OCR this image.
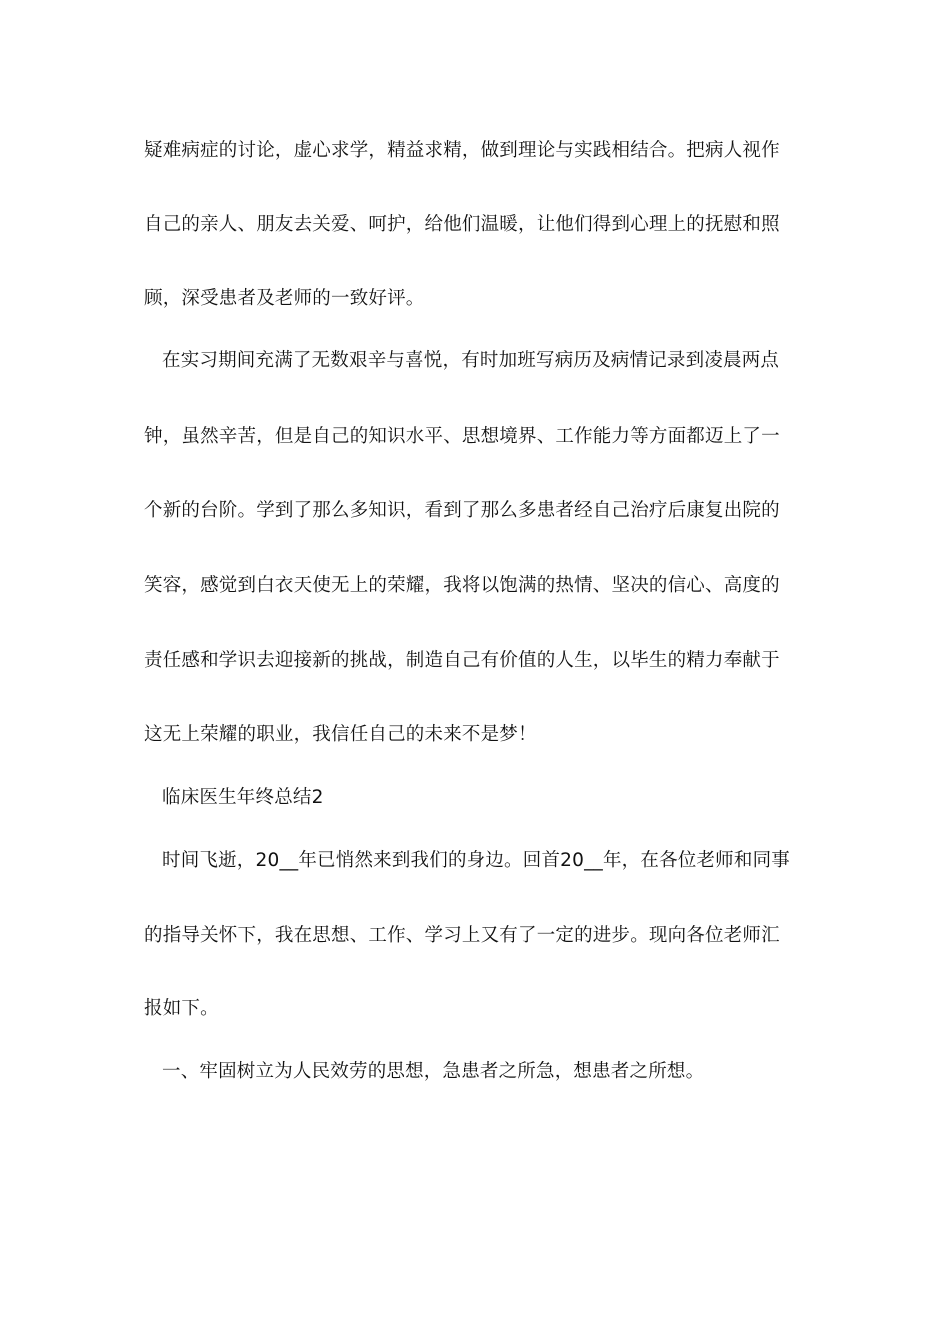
疑难病症的讨论，虚心求学，精益求精，做到理论与实践相结合。把病人视作
自己的亲人、朋友去关爱、呵护，给他们温暖，让他们得到心理上的抚慰和照
顾，深受患者及老师的一致好评。
在实习期间充满了无数艰辛与喜悦，有时加班写病历及病情记录到凌晨两点
钟，虽然辛苦，但是自己的知识水平、思想境界、工作能力等方面都迈上了一
个新的台阶。学到了那么多知识，看到了那么多患者经自己治疗后康复出院的
笑容，感觉到白衣天使无上的荣耀，我将以饱满的热情、坚决的信心、高度的
责任感和学识去迎接新的挑战，制造自己有价值的人生，以毕生的精力奉献于
这无上荣耀的职业，我信任自己的未来不是梦！
临床医生年终总结2
时间飞逝，20__年已悄然来到我们的身边。回首20__年，在各位老师和同事
的指导关怀下，我在思想、工作、学习上又有了一定的进步。现向各位老师汇
报如下。
一、牢固树立为人民效劳的思想，急患者之所急，想患者之所想。
